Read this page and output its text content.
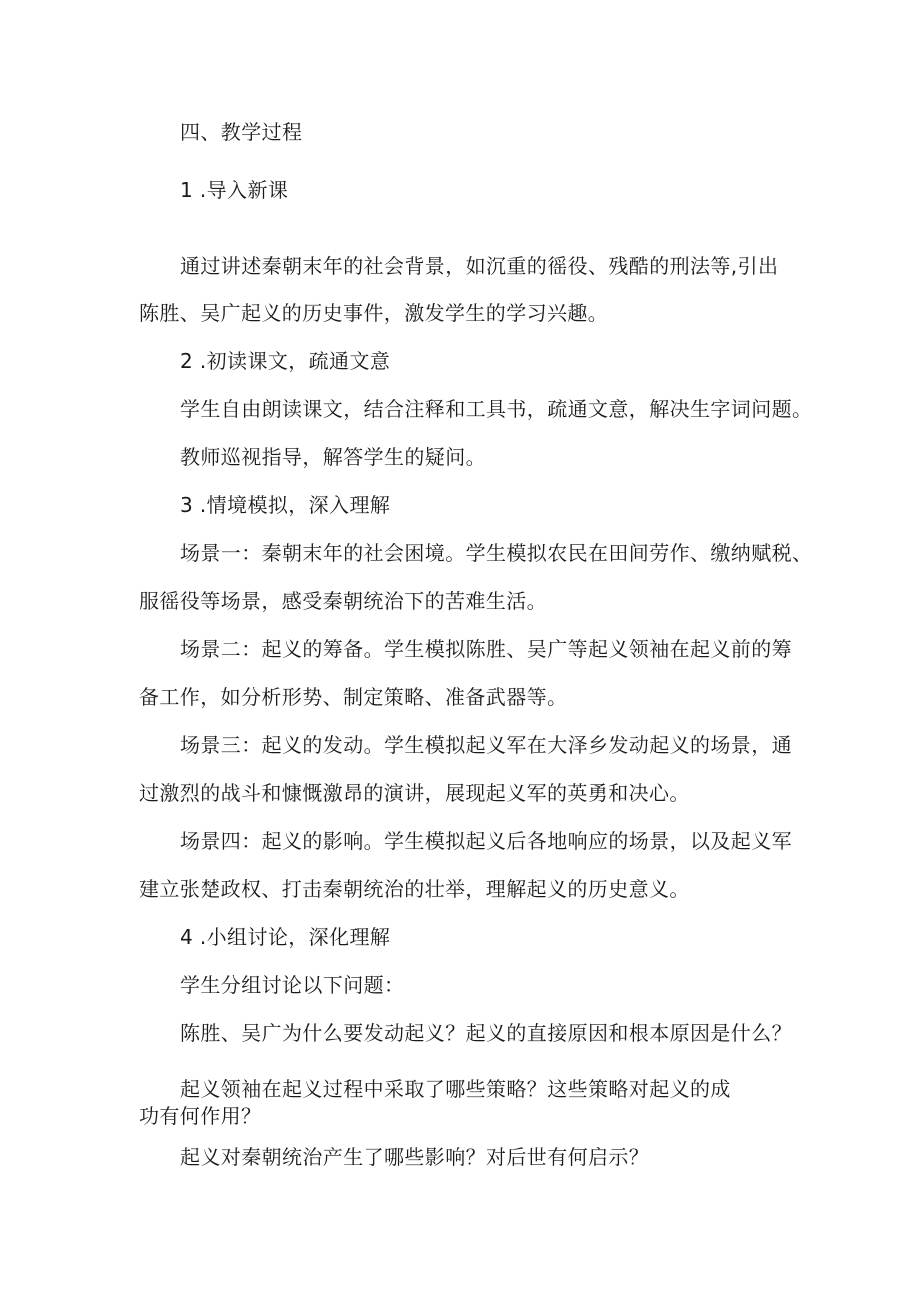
四、教学过程
1 .导入新课
通过讲述秦朝末年的社会背景，如沉重的徭役、残酷的刑法等,引出
陈胜、吴广起义的历史事件，激发学生的学习兴趣。
2 .初读课文，疏通文意
学生自由朗读课文，结合注释和工具书，疏通文意，解决生字词问题。
教师巡视指导，解答学生的疑问。
3 .情境模拟，深入理解
场景一：秦朝末年的社会困境。学生模拟农民在田间劳作、缴纳赋税、
服徭役等场景，感受秦朝统治下的苦难生活。
场景二：起义的筹备。学生模拟陈胜、吴广等起义领袖在起义前的筹
备工作，如分析形势、制定策略、准备武器等。
场景三：起义的发动。学生模拟起义军在大泽乡发动起义的场景，通
过激烈的战斗和慷慨激昂的演讲，展现起义军的英勇和决心。
场景四：起义的影响。学生模拟起义后各地响应的场景，以及起义军
建立张楚政权、打击秦朝统治的壮举，理解起义的历史意义。
4 .小组讨论，深化理解
学生分组讨论以下问题：
陈胜、吴广为什么要发动起义？起义的直接原因和根本原因是什么？
起义领袖在起义过程中采取了哪些策略？这些策略对起义的成
功有何作用？
起义对秦朝统治产生了哪些影响？对后世有何启示？
